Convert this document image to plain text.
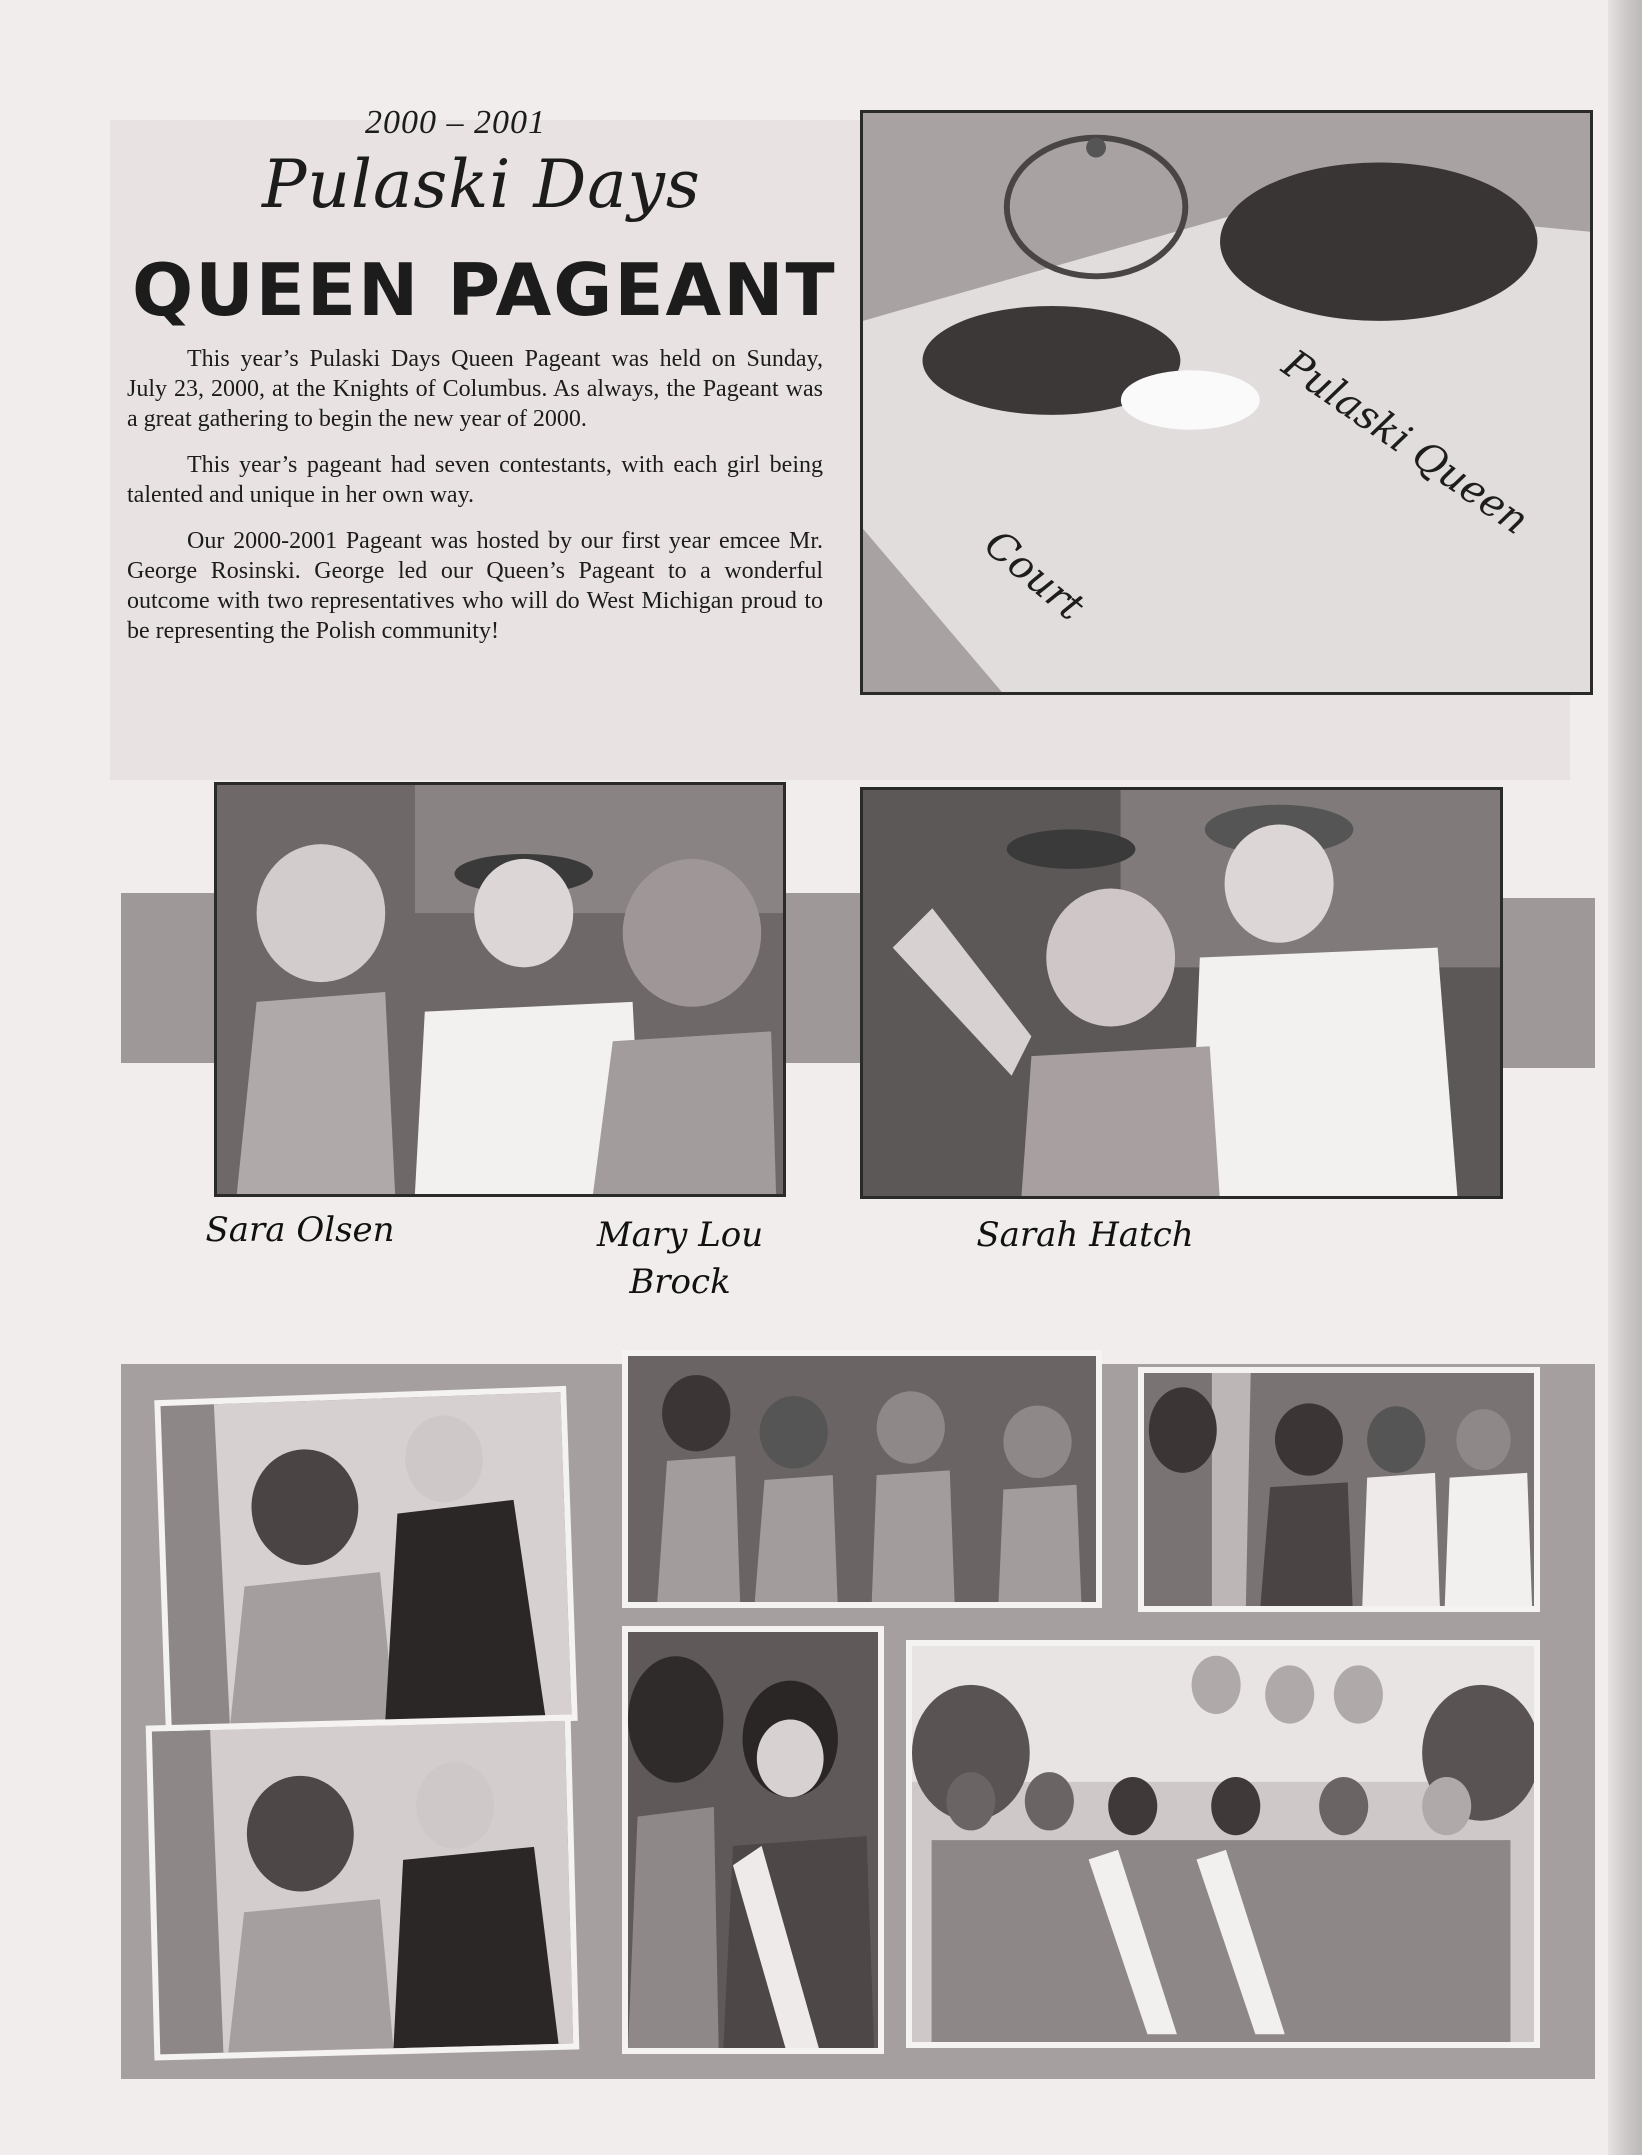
2000 – 2001
Pulaski Days
QUEEN PAGEANT

This year’s Pulaski Days Queen Pageant was held on Sunday, July 23, 2000, at the Knights of Columbus. As always, the Pageant was a great gathering to begin the new year of 2000.

This year’s pageant had seven contestants, with each girl being talented and unique in her own way.

Our 2000-2001 Pageant was hosted by our first year emcee Mr. George Rosinski. George led our Queen’s Pageant to a wonderful outcome with two representatives who will do West Michigan proud to be representing the Polish community!

Pulaski Queen
Court
Sara Olsen	Mary Lou
Brock
Sarah Hatch
